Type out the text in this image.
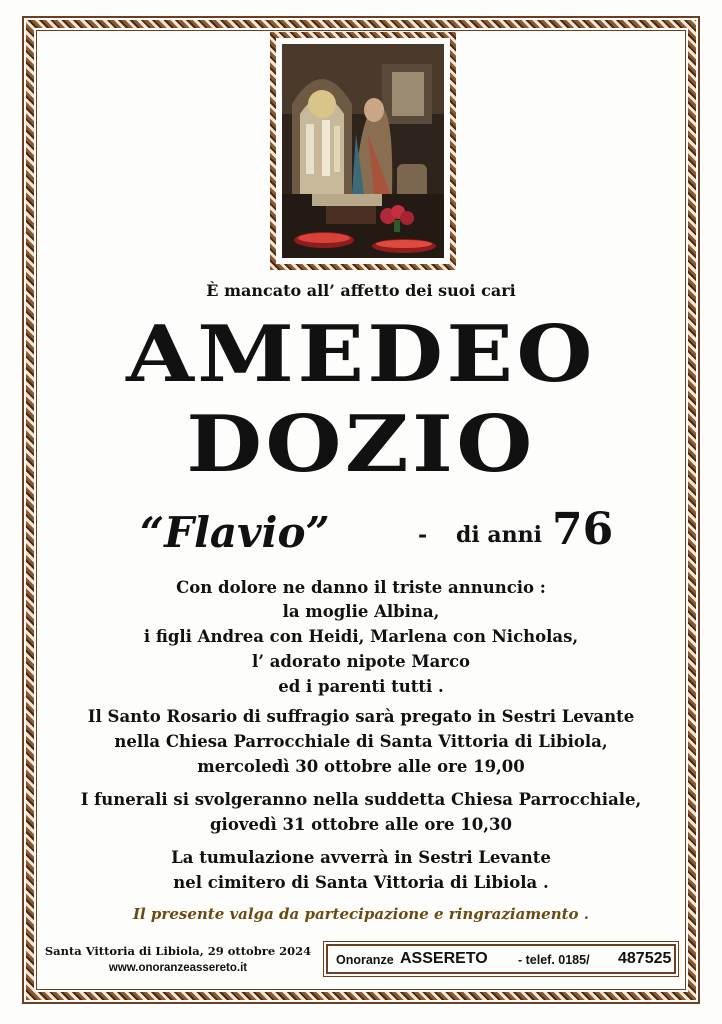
È mancato all’ affetto dei suoi cari
AMEDEO
DOZIO
“Flavio”	- di anni 76
Con dolore ne danno il triste annuncio :
la moglie Albina,
i figli Andrea con Heidi, Marlena con Nicholas,
l’ adorato nipote Marco
ed i parenti tutti .
Il Santo Rosario di suffragio sarà pregato in Sestri Levante
nella Chiesa Parrocchiale di Santa Vittoria di Libiola,
mercoledì 30 ottobre alle ore 19,00
I funerali si svolgeranno nella suddetta Chiesa Parrocchiale,
giovedì 31 ottobre alle ore 10,30
La tumulazione avverrà in Sestri Levante
nel cimitero di Santa Vittoria di Libiola .
Il presente valga da partecipazione e ringraziamento .
Santa Vittoria di Libiola, 29 ottobre 2024
www.onoranzeassereto.it
Onoranze ASSERETO - telef. 0185/ 487525
